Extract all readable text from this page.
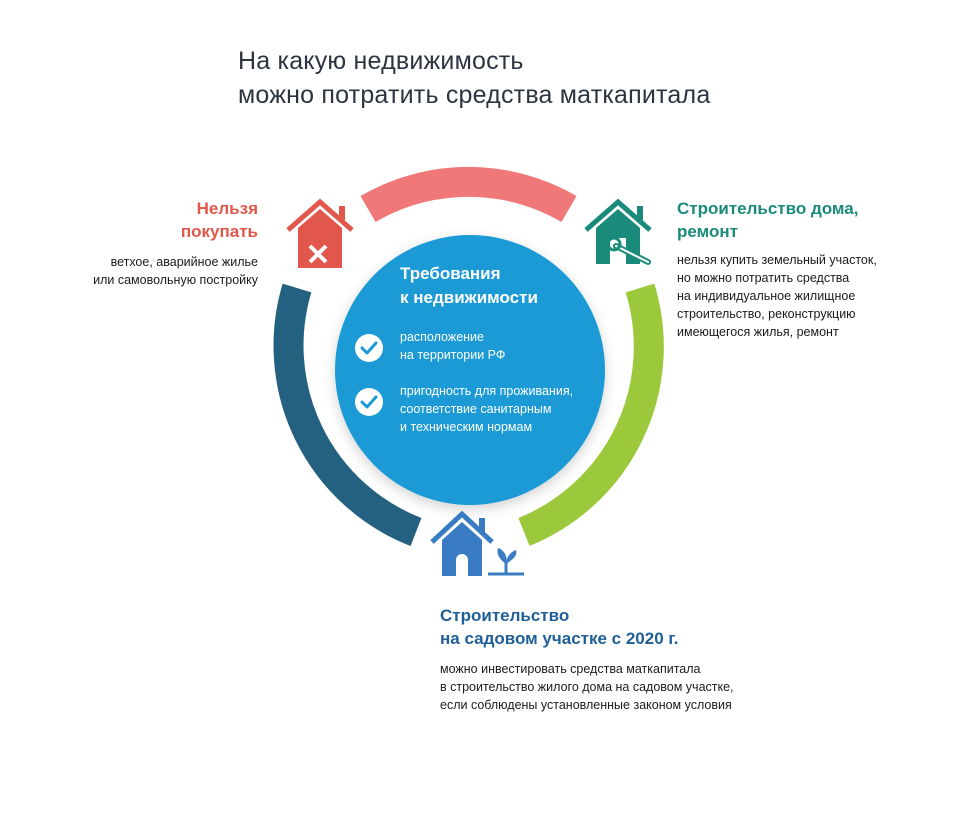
На какую недвижимость
можно потратить средства маткапитала
Требования
к недвижимости
расположение
на территории РФ
пригодность для проживания,
соответствие санитарным
и техническим нормам
Нельзя
покупать
ветхое, аварийное жилье
или самовольную постройку
Строительство дома,
ремонт
нельзя купить земельный участок,
но можно потратить средства
на индивидуальное жилищное
строительство, реконструкцию
имеющегося жилья, ремонт
Строительство
на садовом участке с 2020 г.
можно инвестировать средства маткапитала
в строительство жилого дома на садовом участке,
если соблюдены установленные законом условия
